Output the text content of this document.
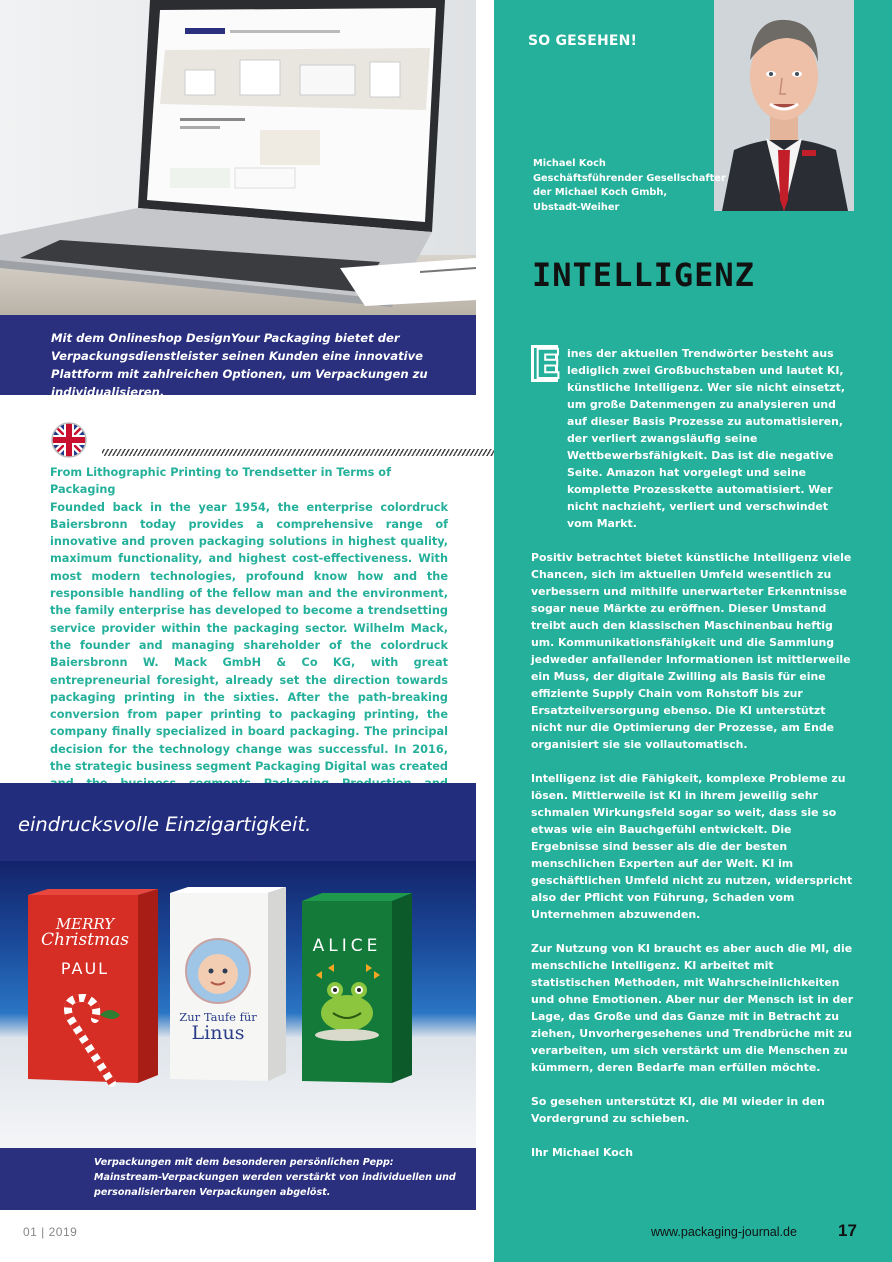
Mit dem Onlineshop DesignYour Packaging bietet der Verpackungsdienstleister seinen Kunden eine innovative Plattform mit zahlreichen Optionen, um Verpackungen zu individualisieren.
From Lithographic Printing to Trendsetter in Terms of Packaging
Founded back in the year 1954, the enterprise colordruck Baiersbronn today provides a comprehensive range of innovative and proven packaging solutions in highest quality, maximum functionality, and highest cost-effectiveness. With most modern technologies, profound know how and the responsible handling of the fellow man and the environment, the family enterprise has developed to become a trendsetting service provider within the packaging sector. Wilhelm Mack, the founder and managing shareholder of the colordruck Baiersbronn W. Mack GmbH & Co KG, with great entrepreneurial foresight, already set the direction towards packaging printing in the sixties. After the path-breaking conversion from paper printing to packaging printing, the company finally specialized in board packaging. The principal decision for the technology change was successful. In 2016, the strategic business segment Packaging Digital was created
eindrucksvolle Einzigartigkeit.
MERRY
Christmas
PAUL
Zur Taufe für
Linus
ALICE
Verpackungen mit dem besonderen persönlichen Pepp: Mainstream-Verpackungen werden verstärkt von individuellen und personalisierbaren Verpackungen abgelöst.
01 | 2019
SO GESEHEN!
Michael Koch
Geschäftsführender Gesellschafter
der Michael Koch Gmbh,
Ubstadt-Weiher
INTELLIGENZ
E ines der aktuellen Trendwörter besteht aus lediglich zwei Großbuchstaben und lautet KI, künstliche Intelligenz. Wer sie nicht einsetzt, um große Datenmengen zu analysieren und auf dieser Basis Prozesse zu automatisieren, der verliert zwangsläufig seine Wettbewerbsfähigkeit. Das ist die negative Seite. Amazon hat vorgelegt und seine komplette Prozesskette automatisiert. Wer nicht nachzieht, verliert und verschwindet vom Markt.

Positiv betrachtet bietet künstliche Intelligenz viele Chancen, sich im aktuellen Umfeld wesentlich zu verbessern und mithilfe unerwarteter Erkenntnisse sogar neue Märkte zu eröffnen. Dieser Umstand treibt auch den klassischen Maschinenbau heftig um. Kommunikationsfähigkeit und die Sammlung jedweder anfallender Informationen ist mittlerweile ein Muss, der digitale Zwilling als Basis für eine effiziente Supply Chain vom Rohstoff bis zur Ersatzteilversorgung ebenso. Die KI unterstützt nicht nur die Optimierung der Prozesse, am Ende organisiert sie sie vollautomatisch.

Intelligenz ist die Fähigkeit, komplexe Probleme zu lösen. Mittlerweile ist KI in ihrem jeweilig sehr schmalen Wirkungsfeld sogar so weit, dass sie so etwas wie ein Bauchgefühl entwickelt. Die Ergebnisse sind besser als die der besten menschlichen Experten auf der Welt. KI im geschäftlichen Umfeld nicht zu nutzen, widerspricht also der Pflicht von Führung, Schaden vom Unternehmen abzuwenden.

Zur Nutzung von KI braucht es aber auch die MI, die menschliche Intelligenz. KI arbeitet mit statistischen Methoden, mit Wahrscheinlichkeiten und ohne Emotionen. Aber nur der Mensch ist in der Lage, das Große und das Ganze mit in Betracht zu ziehen, Unvorhergesehenes und Trendbrüche mit zu verarbeiten, um sich verstärkt um die Menschen zu kümmern, deren Bedarfe man erfüllen möchte.

So gesehen unterstützt KI, die MI wieder in den Vordergrund zu schieben.

Ihr Michael Koch

www.packaging-journal.de 17
